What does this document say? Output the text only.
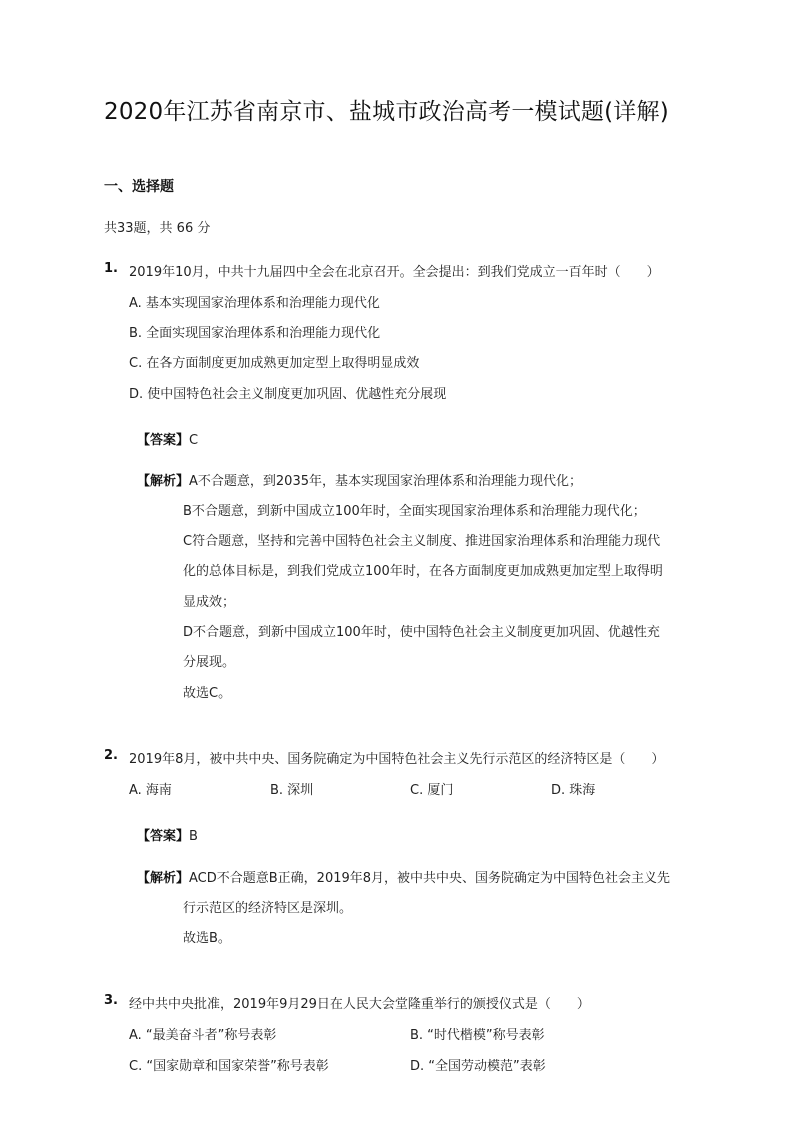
2020年江苏省南京市、盐城市政治高考一模试题(详解)
一、选择题
共33题，共 66 分
1. 2019年10月，中共十九届四中全会在北京召开。全会提出：到我们党成立一百年时（　　）
A. 基本实现国家治理体系和治理能力现代化
B. 全面实现国家治理体系和治理能力现代化
C. 在各方面制度更加成熟更加定型上取得明显成效
D. 使中国特色社会主义制度更加巩固、优越性充分展现
【答案】C
【解析】A不合题意，到2035年，基本实现国家治理体系和治理能力现代化；
B不合题意，到新中国成立100年时，全面实现国家治理体系和治理能力现代化；
C符合题意，坚持和完善中国特色社会主义制度、推进国家治理体系和治理能力现代
化的总体目标是，到我们党成立100年时，在各方面制度更加成熟更加定型上取得明
显成效；
D不合题意，到新中国成立100年时，使中国特色社会主义制度更加巩固、优越性充
分展现。
故选C。
2. 2019年8月，被中共中央、国务院确定为中国特色社会主义先行示范区的经济特区是（　　）
A. 海南	B. 深圳	C. 厦门	D. 珠海
【答案】B
【解析】ACD不合题意B正确，2019年8月，被中共中央、国务院确定为中国特色社会主义先
行示范区的经济特区是深圳。
故选B。
3. 经中共中央批准，2019年9月29日在人民大会堂隆重举行的颁授仪式是（　　）
A. “最美奋斗者”称号表彰	B. “时代楷模”称号表彰
C. “国家勋章和国家荣誉”称号表彰	D. “全国劳动模范”表彰
